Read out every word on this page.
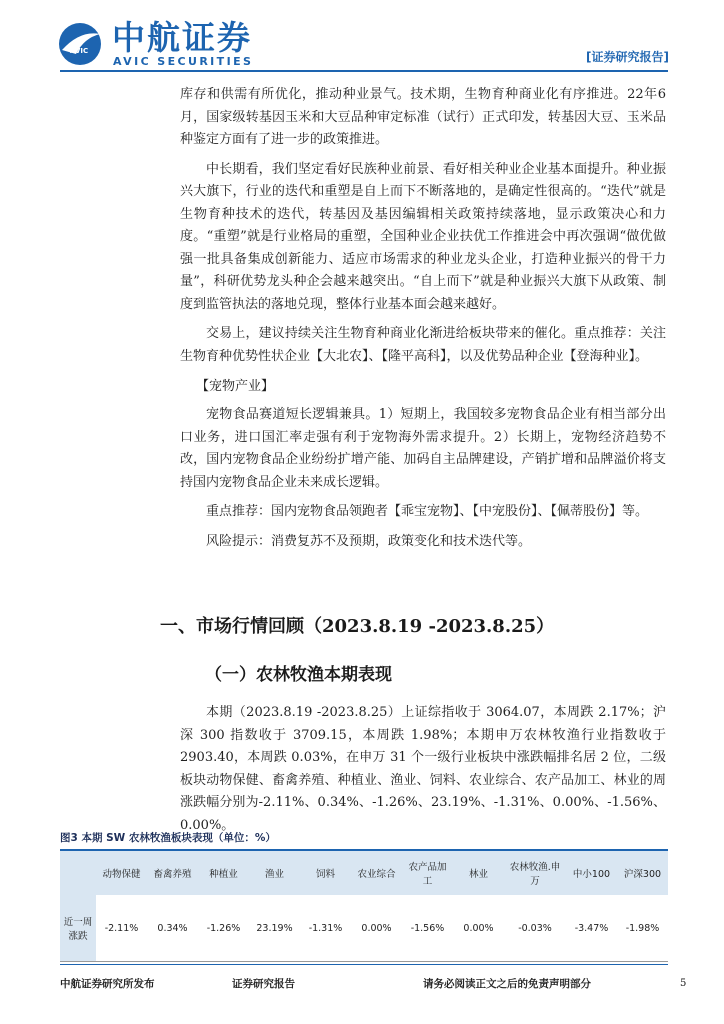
AVIC 中航证券
AVIC SECURITIES	[证券研究报告]

库存和供需有所优化，推动种业景气。技术期，生物育种商业化有序推进。22年6月，国家级转基因玉米和大豆品种审定标准（试行）正式印发，转基因大豆、玉米品种鉴定方面有了进一步的政策推进。

中长期看，我们坚定看好民族种业前景、看好相关种业企业基本面提升。种业振兴大旗下，行业的迭代和重塑是自上而下不断落地的，是确定性很高的。“迭代”就是生物育种技术的迭代，转基因及基因编辑相关政策持续落地，显示政策决心和力度。“重塑”就是行业格局的重塑，全国种业企业扶优工作推进会中再次强调“做优做强一批具备集成创新能力、适应市场需求的种业龙头企业，打造种业振兴的骨干力量”，科研优势龙头种企会越来越突出。“自上而下”就是种业振兴大旗下从政策、制度到监管执法的落地兑现，整体行业基本面会越来越好。

交易上，建议持续关注生物育种商业化渐进给板块带来的催化。重点推荐：关注生物育种优势性状企业【大北农】、【隆平高科】，以及优势品种企业【登海种业】。

【宠物产业】

宠物食品赛道短长逻辑兼具。1）短期上，我国较多宠物食品企业有相当部分出口业务，进口国汇率走强有利于宠物海外需求提升。2）长期上，宠物经济趋势不改，国内宠物食品企业纷纷扩增产能、加码自主品牌建设，产销扩增和品牌溢价将支持国内宠物食品企业未来成长逻辑。

重点推荐：国内宠物食品领跑者【乖宝宠物】、【中宠股份】、【佩蒂股份】等。

风险提示：消费复苏不及预期，政策变化和技术迭代等。

一、市场行情回顾（2023.8.19 -2023.8.25）
（一）农林牧渔本期表现

本期（2023.8.19 -2023.8.25）上证综指收于 3064.07，本周跌 2.17%；沪深 300 指数收于 3709.15，本周跌 1.98%；本期申万农林牧渔行业指数收于 2903.40，本周跌 0.03%，在申万 31 个一级行业板块中涨跌幅排名居 2 位，二级板块动物保健、畜禽养殖、种植业、渔业、饲料、农业综合、农产品加工、林业的周涨跌幅分别为-2.11%、0.34%、-1.26%、23.19%、-1.31%、0.00%、-1.56%、0.00%。

图3 本期 SW 农林牧渔板块表现（单位：%）
	动物保健	畜禽养殖	种植业	渔业	饲料	农业综合	农产品加工	林业	农林牧渔.申万	中小100	沪深300
近一周涨跌	-2.11%	0.34%	-1.26%	23.19%	-1.31%	0.00%	-1.56%	0.00%	-0.03%	-3.47%	-1.98%
中航证券研究所发布	证券研究报告	请务必阅读正文之后的免责声明部分	5
